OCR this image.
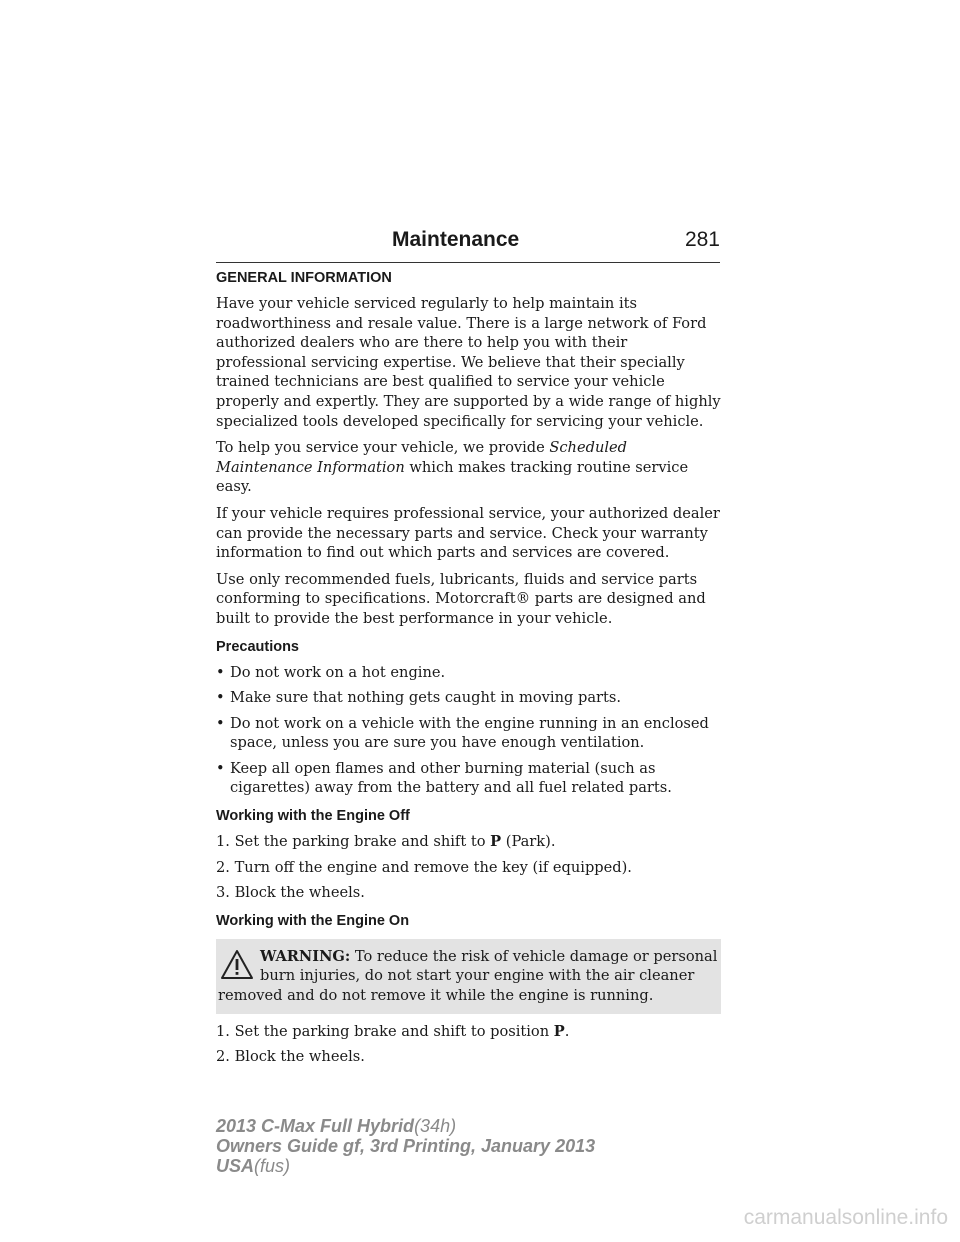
Maintenance	281
GENERAL INFORMATION

Have your vehicle serviced regularly to help maintain its roadworthiness and resale value. There is a large network of Ford authorized dealers who are there to help you with their professional servicing expertise. We believe that their specially trained technicians are best qualified to service your vehicle properly and expertly. They are supported by a wide range of highly specialized tools developed specifically for servicing your vehicle.

To help you service your vehicle, we provide Scheduled Maintenance Information which makes tracking routine service easy.

If your vehicle requires professional service, your authorized dealer can provide the necessary parts and service. Check your warranty information to find out which parts and services are covered.

Use only recommended fuels, lubricants, fluids and service parts conforming to specifications. Motorcraft® parts are designed and built to provide the best performance in your vehicle.

Precautions
• Do not work on a hot engine.
• Make sure that nothing gets caught in moving parts.
• Do not work on a vehicle with the engine running in an enclosed space, unless you are sure you have enough ventilation.
• Keep all open flames and other burning material (such as cigarettes) away from the battery and all fuel related parts.
Working with the Engine Off

1. Set the parking brake and shift to P (Park).

2. Turn off the engine and remove the key (if equipped).

3. Block the wheels.

Working with the Engine On
WARNING: To reduce the risk of vehicle damage or personal
burn injuries, do not start your engine with the air cleaner
removed and do not remove it while the engine is running.

1. Set the parking brake and shift to position P.

2. Block the wheels.

2013 C-Max Full Hybrid(34h)
Owners Guide gf, 3rd Printing, January 2013
USA(fus)
carmanualsonline.info
